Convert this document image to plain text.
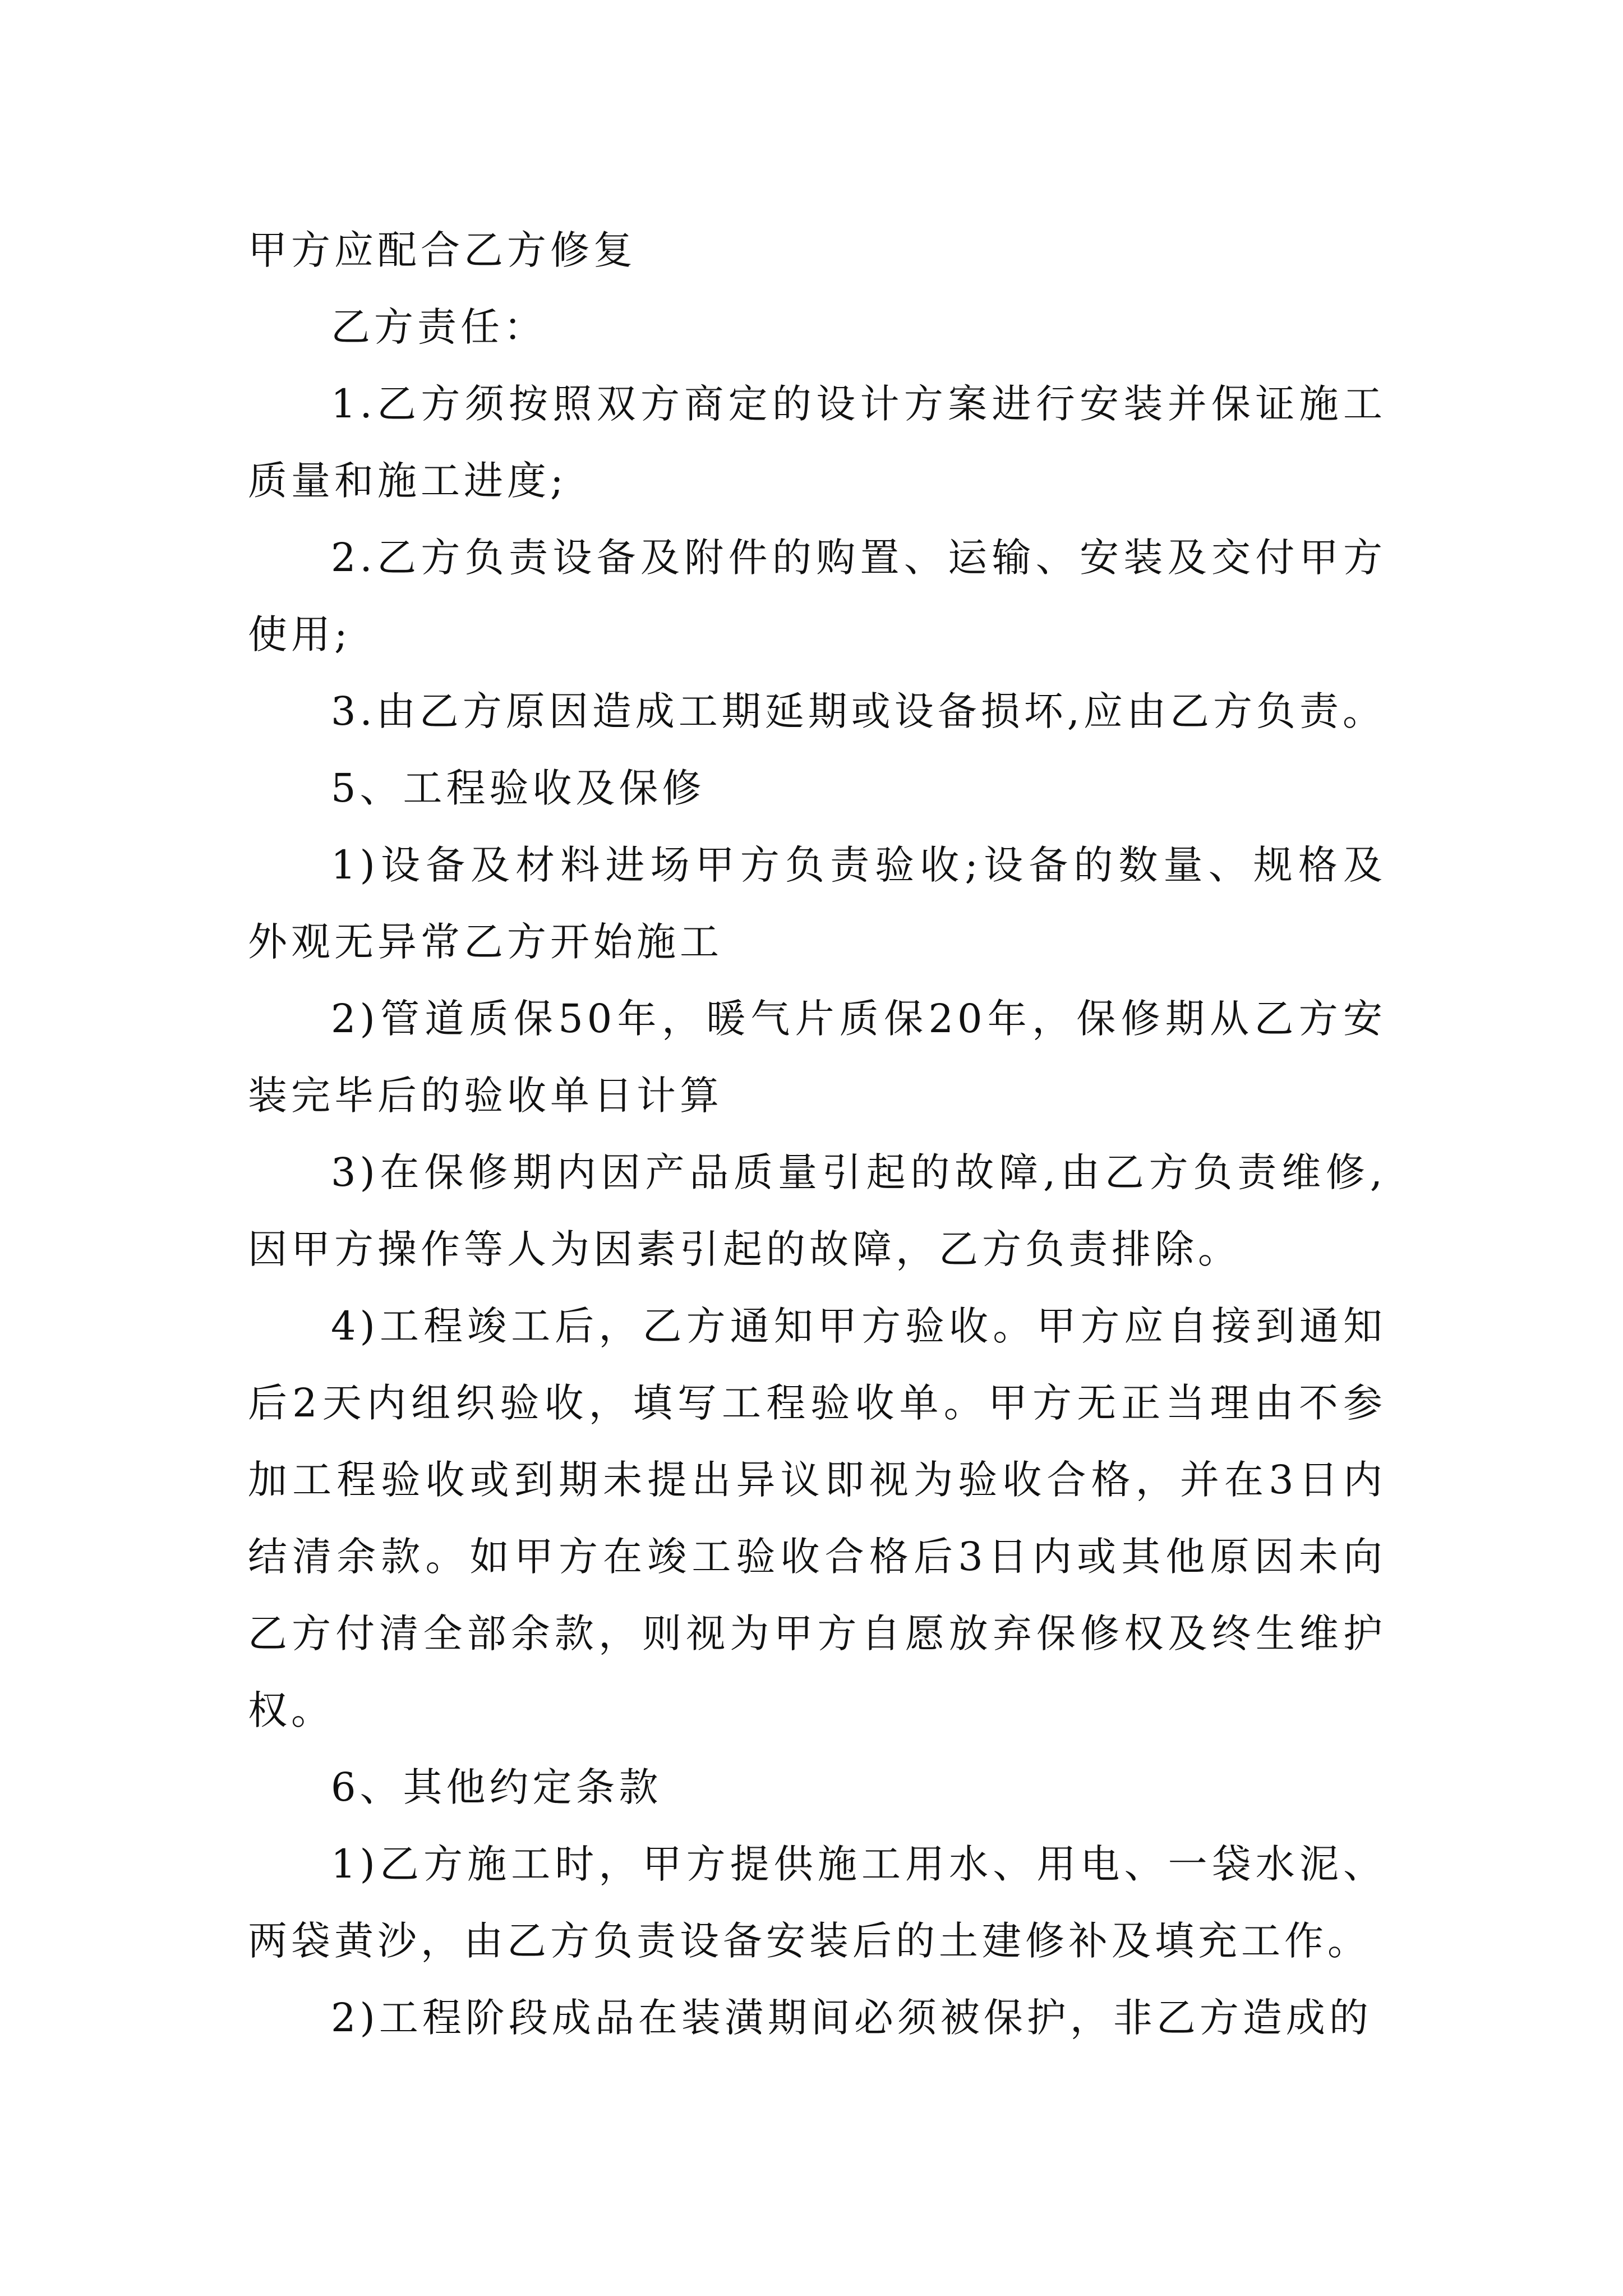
甲方应配合乙方修复

乙方责任：

1.乙方须按照双方商定的设计方案进行安装并保证施工质量和施工进度;

2.乙方负责设备及附件的购置、运输、安装及交付甲方使用;

3.由乙方原因造成工期延期或设备损坏,应由乙方负责。

5、工程验收及保修

1)设备及材料进场甲方负责验收;设备的数量、规格及外观无异常乙方开始施工

2)管道质保50年，暖气片质保20年，保修期从乙方安装完毕后的验收单日计算

3)在保修期内因产品质量引起的故障,由乙方负责维修,因甲方操作等人为因素引起的故障，乙方负责排除。

4)工程竣工后，乙方通知甲方验收。甲方应自接到通知后2天内组织验收，填写工程验收单。甲方无正当理由不参加工程验收或到期未提出异议即视为验收合格，并在3日内结清余款。如甲方在竣工验收合格后3日内或其他原因未向乙方付清全部余款，则视为甲方自愿放弃保修权及终生维护权。

6、其他约定条款

1)乙方施工时，甲方提供施工用水、用电、一袋水泥、两袋黄沙，由乙方负责设备安装后的土建修补及填充工作。

2)工程阶段成品在装潢期间必须被保护，非乙方造成的
